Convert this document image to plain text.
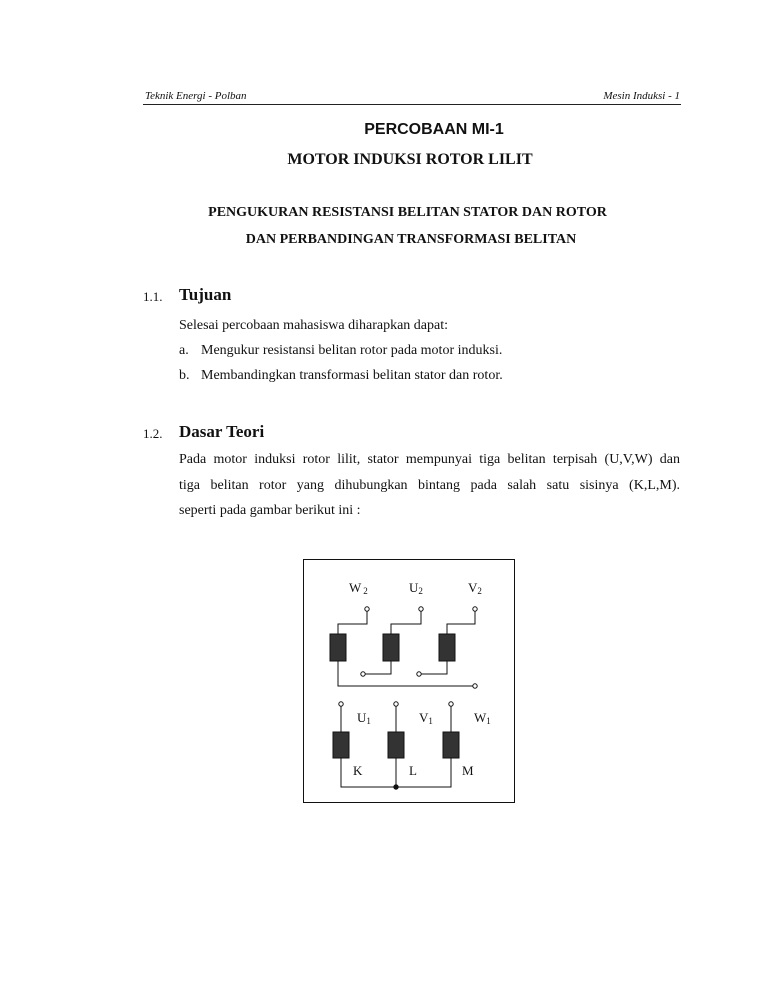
Teknik Energi - Polban	Mesin Induksi - 1
PERCOBAAN MI-1
MOTOR INDUKSI ROTOR LILIT
PENGUKURAN RESISTANSI BELITAN STATOR DAN ROTOR
DAN PERBANDINGAN TRANSFORMASI BELITAN
1.1. Tujuan
Selesai percobaan mahasiswa diharapkan dapat:
a. Mengukur resistansi belitan rotor pada motor induksi.
b. Membandingkan transformasi belitan stator dan rotor.
1.2. Dasar Teori
Pada motor induksi rotor lilit, stator mempunyai tiga belitan terpisah (U,V,W) dan
tiga belitan rotor yang dihubungkan bintang pada salah satu sisinya (K,L,M).
seperti pada gambar berikut ini :
W 2	U2	V2
U1	V1	W1
K	L	M
